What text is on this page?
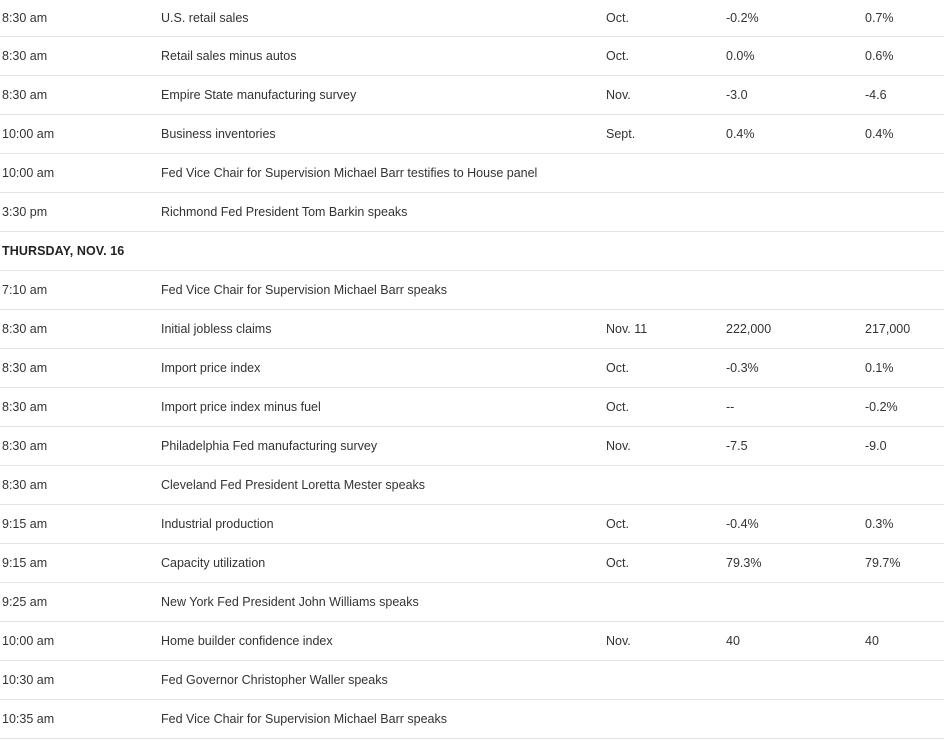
8:30 am	U.S. retail sales	Oct.	-0.2%	0.7%
8:30 am	Retail sales minus autos	Oct.	0.0%	0.6%
8:30 am	Empire State manufacturing survey	Nov.	-3.0	-4.6
10:00 am	Business inventories	Sept.	0.4%	0.4%
10:00 am	Fed Vice Chair for Supervision Michael Barr testifies to House panel
3:30 pm	Richmond Fed President Tom Barkin speaks
THURSDAY, NOV. 16
7:10 am	Fed Vice Chair for Supervision Michael Barr speaks
8:30 am	Initial jobless claims	Nov. 11	222,000	217,000
8:30 am	Import price index	Oct.	-0.3%	0.1%
8:30 am	Import price index minus fuel	Oct.	--	-0.2%
8:30 am	Philadelphia Fed manufacturing survey	Nov.	-7.5	-9.0
8:30 am	Cleveland Fed President Loretta Mester speaks
9:15 am	Industrial production	Oct.	-0.4%	0.3%
9:15 am	Capacity utilization	Oct.	79.3%	79.7%
9:25 am	New York Fed President John Williams speaks
10:00 am	Home builder confidence index	Nov.	40	40
10:30 am	Fed Governor Christopher Waller speaks
10:35 am	Fed Vice Chair for Supervision Michael Barr speaks
